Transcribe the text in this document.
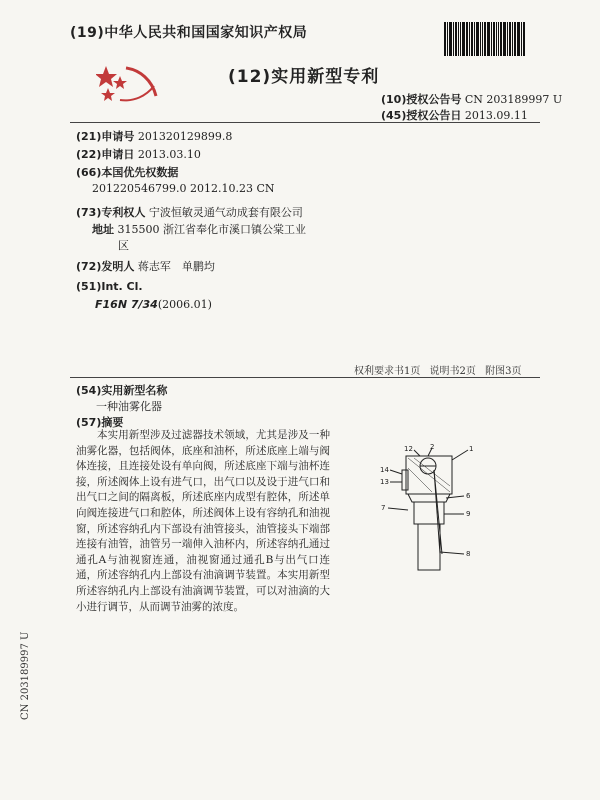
(19)中华人民共和国国家知识产权局
(12)实用新型专利
(10)授权公告号 CN 203189997 U
(45)授权公告日 2013.09.11
(21)申请号 201320129899.8
(22)申请日 2013.03.10
(66)本国优先权数据
201220546799.0 2012.10.23 CN
(73)专利权人 宁波恒敏灵通气动成套有限公司
地址 315500 浙江省奉化市溪口镇公棠工业
区
(72)发明人 蒋志军　单鹏均
(51)Int. Cl.
F16N 7/34(2006.01)
权利要求书1页 说明书2页 附图3页
(54)实用新型名称
一种油雾化器
(57)摘要
本实用新型涉及过滤器技术领域，尤其是涉及一种油雾化器，包括阀体，底座和油杯，所述底座上端与阀体连接，且连接处设有单向阀，所述底座下端与油杯连接，所述阀体上设有进气口，出气口以及设于进气口和出气口之间的隔离板，所述底座内成型有腔体，所述单向阀连接进气口和腔体，所述阀体上设有容纳孔和油视窗，所述容纳孔内下部设有油管接头，油管接头下端部连接有油管，油管另一端伸入油杯内，所述容纳孔通过通孔A与油视窗连通，油视窗通过通孔B与出气口连通，所述容纳孔内上部设有油滴调节装置。本实用新型所述容纳孔内上部设有油滴调节装置，可以对油滴的大小进行调节，从而调节油雾的浓度。
CN 203189997 U
12 2	1
14
13
7
6
9
8
